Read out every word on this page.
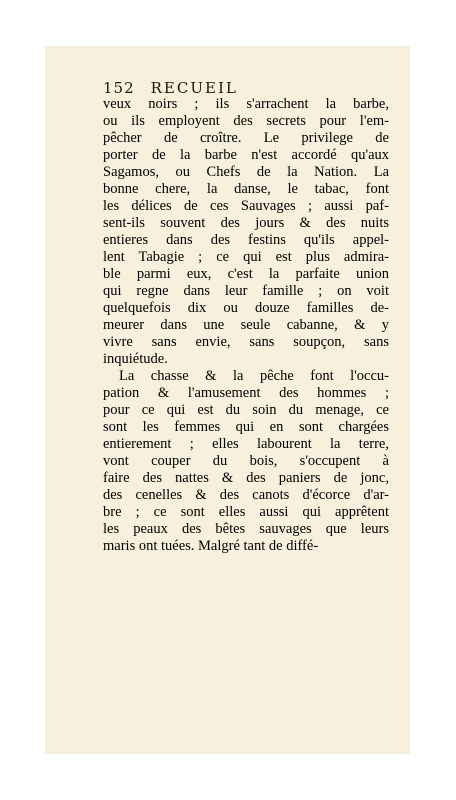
152 RECUEIL
veux noirs ; ils s'arrachent la barbe,
ou ils employent des secrets pour l'em-
pêcher de croître. Le privilege de
porter de la barbe n'est accordé qu'aux
Sagamos, ou Chefs de la Nation. La
bonne chere, la danse, le tabac, font
les délices de ces Sauvages ; aussi paf-
sent-ils souvent des jours & des nuits
entieres dans des festins qu'ils appel-
lent Tabagie ; ce qui est plus admira-
ble parmi eux, c'est la parfaite union
qui regne dans leur famille ; on voit
quelquefois dix ou douze familles de-
meurer dans une seule cabanne, & y
vivre sans envie, sans soupçon, sans
inquiétude.
La chasse & la pêche font l'occu-
pation & l'amusement des hommes ;
pour ce qui est du soin du menage, ce
sont les femmes qui en sont chargées
entierement ; elles labourent la terre,
vont couper du bois, s'occupent à
faire des nattes & des paniers de jonc,
des cenelles & des canots d'écorce d'ar-
bre ; ce sont elles aussi qui apprêtent
les peaux des bêtes sauvages que leurs
maris ont tuées. Malgré tant de diffé-
